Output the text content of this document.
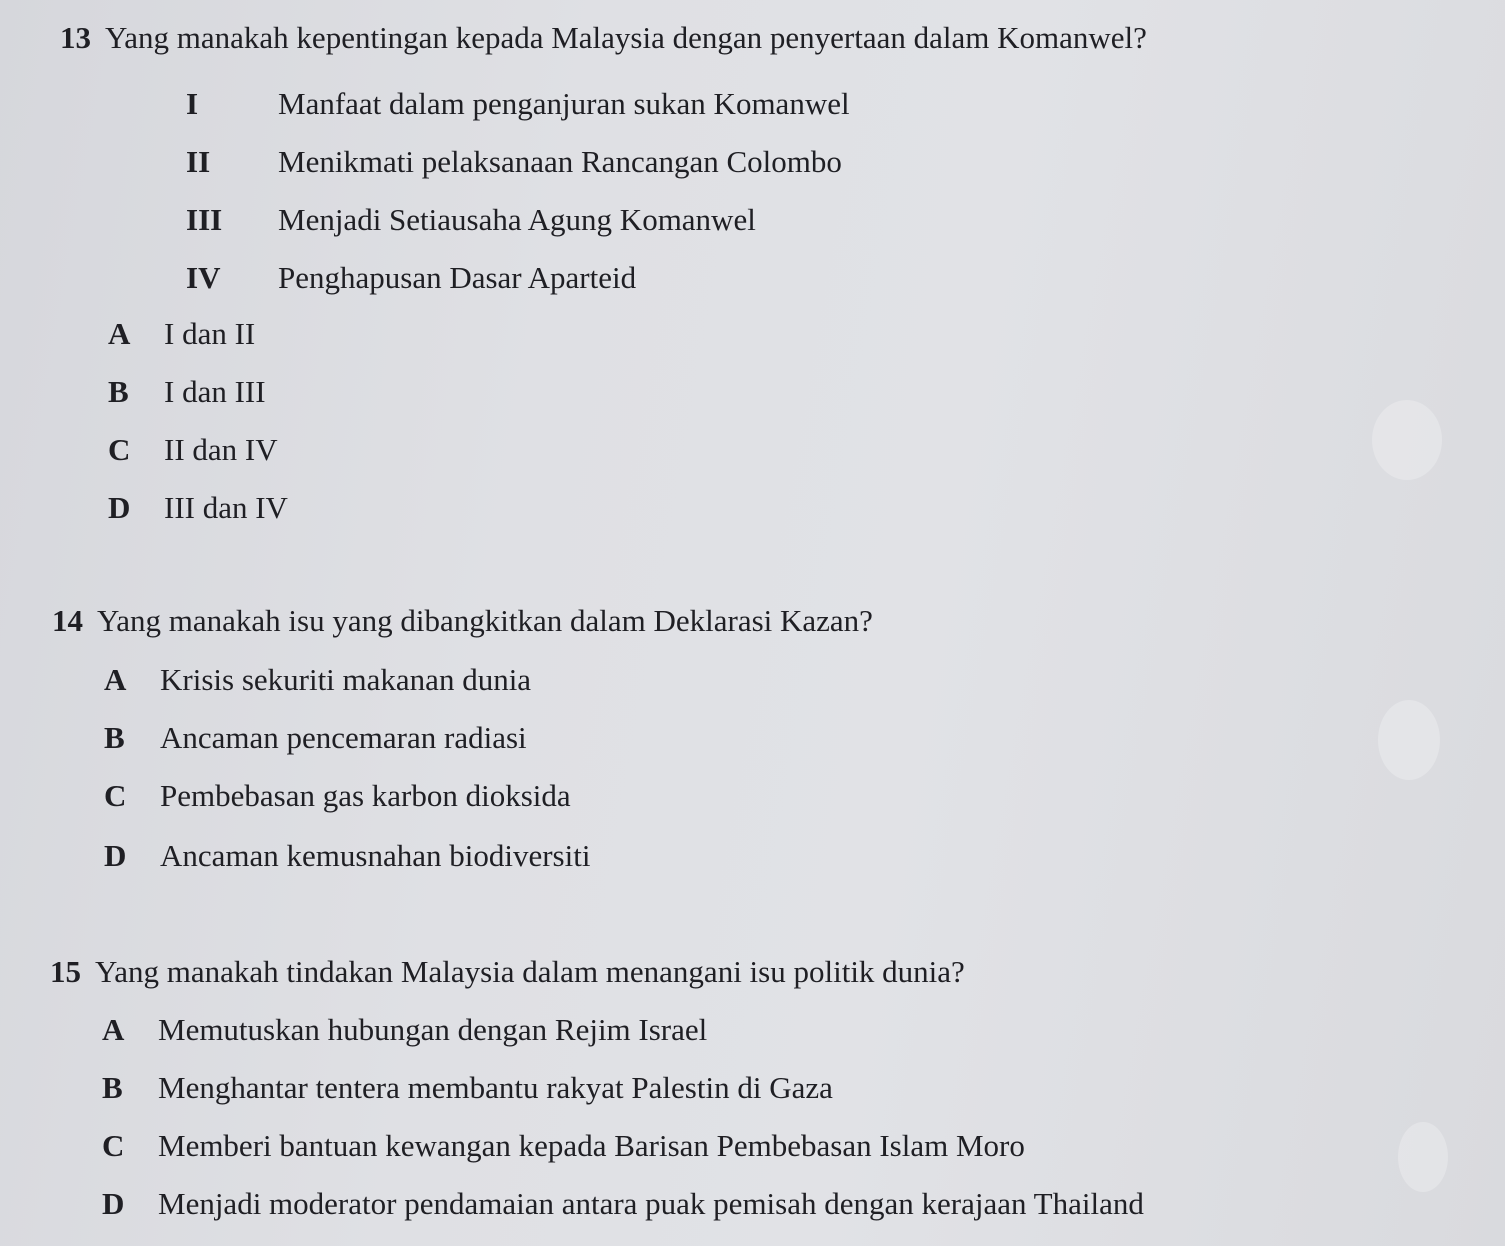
13 Yang manakah kepentingan kepada Malaysia dengan penyertaan dalam Komanwel?
I	Manfaat dalam penganjuran sukan Komanwel
II Menikmati pelaksanaan Rancangan Colombo
III Menjadi Setiausaha Agung Komanwel
IV Penghapusan Dasar Aparteid
A I dan II
B I dan III
C II dan IV
D III dan IV
14 Yang manakah isu yang dibangkitkan dalam Deklarasi Kazan?
A Krisis sekuriti makanan dunia
B Ancaman pencemaran radiasi
C Pembebasan gas karbon dioksida
D Ancaman kemusnahan biodiversiti
15 Yang manakah tindakan Malaysia dalam menangani isu politik dunia?
A Memutuskan hubungan dengan Rejim Israel
B Menghantar tentera membantu rakyat Palestin di Gaza
C Memberi bantuan kewangan kepada Barisan Pembebasan Islam Moro
D Menjadi moderator pendamaian antara puak pemisah dengan kerajaan Thailand
